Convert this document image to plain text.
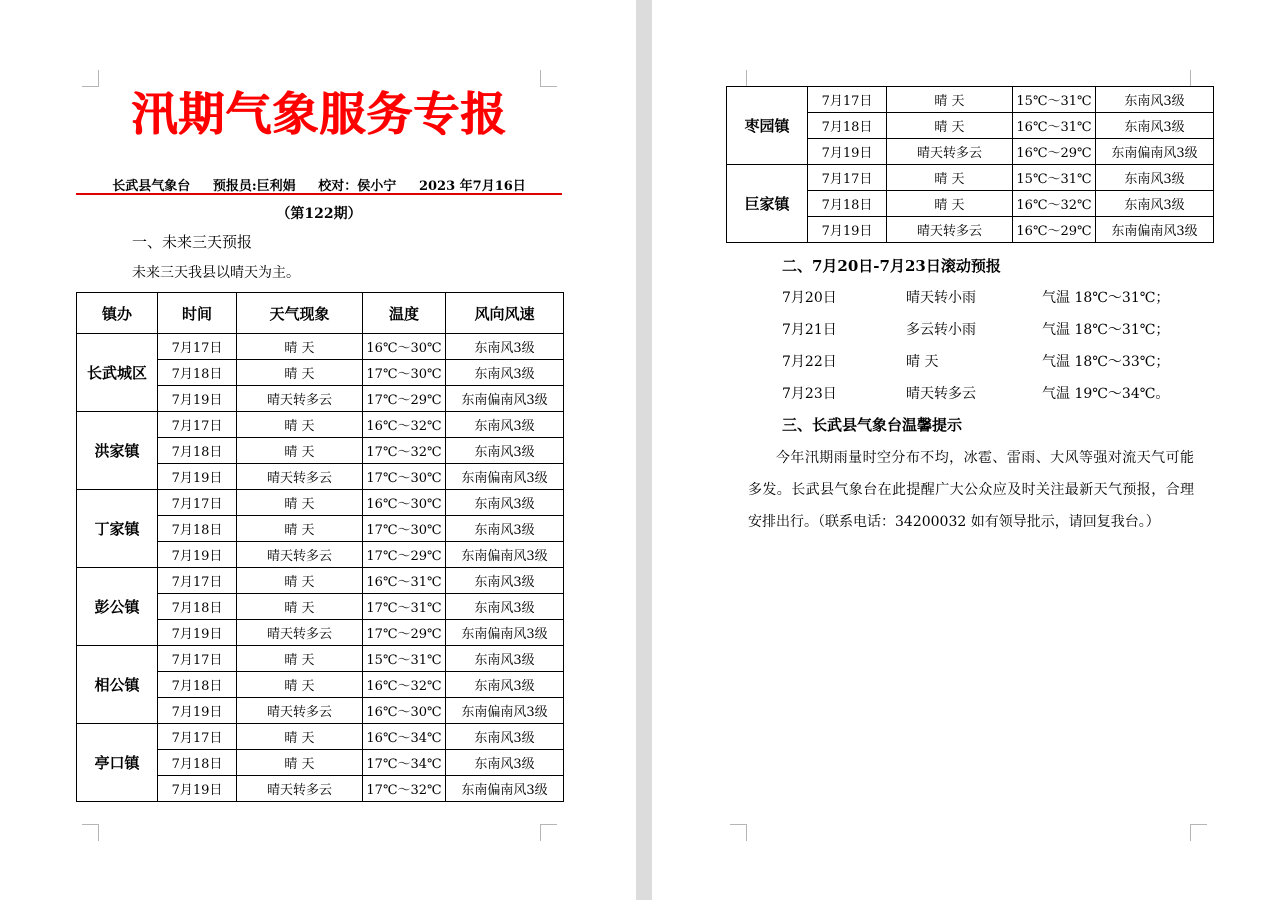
汛期气象服务专报
长武县气象台 预报员:巨利娟 校对：侯小宁 2023 年7月16日
（第122期）
一、未来三天预报
未来三天我县以晴天为主。
镇办	时间	天气现象	温度	风向风速
长武城区	7月17日	晴 天	16℃～30℃	东南风3级
	7月18日	晴 天	17℃～30℃	东南风3级
	7月19日	晴天转多云	17℃～29℃	东南偏南风3级
洪家镇	7月17日	晴 天	16℃～32℃	东南风3级
	7月18日	晴 天	17℃～32℃	东南风3级
	7月19日	晴天转多云	17℃～30℃	东南偏南风3级
丁家镇	7月17日	晴 天	16℃～30℃	东南风3级
	7月18日	晴 天	17℃～30℃	东南风3级
	7月19日	晴天转多云	17℃～29℃	东南偏南风3级
彭公镇	7月17日	晴 天	16℃～31℃	东南风3级
	7月18日	晴 天	17℃～31℃	东南风3级
	7月19日	晴天转多云	17℃～29℃	东南偏南风3级
相公镇	7月17日	晴 天	15℃～31℃	东南风3级
	7月18日	晴 天	16℃～32℃	东南风3级
	7月19日	晴天转多云	16℃～30℃	东南偏南风3级
亭口镇	7月17日	晴 天	16℃～34℃	东南风3级
	7月18日	晴 天	17℃～34℃	东南风3级
	7月19日	晴天转多云	17℃～32℃	东南偏南风3级
枣园镇	7月17日	晴 天	15℃～31℃	东南风3级
	7月18日	晴 天	16℃～31℃	东南风3级
	7月19日	晴天转多云	16℃～29℃	东南偏南风3级
巨家镇	7月17日	晴 天	15℃～31℃	东南风3级
	7月18日	晴 天	16℃～32℃	东南风3级
	7月19日	晴天转多云	16℃～29℃	东南偏南风3级
二、7月20日-7月23日滚动预报
7月20日	晴天转小雨	气温 18℃～31℃；
7月21日	多云转小雨	气温 18℃～31℃；
7月22日	晴 天	气温 18℃～33℃；
7月23日	晴天转多云	气温 19℃～34℃。
三、长武县气象台温馨提示
今年汛期雨量时空分布不均，冰雹、雷雨、大风等强对流天气可能多发。长武县气象台在此提醒广大公众应及时关注最新天气预报，合理安排出行。（联系电话：34200032 如有领导批示，请回复我台。）
